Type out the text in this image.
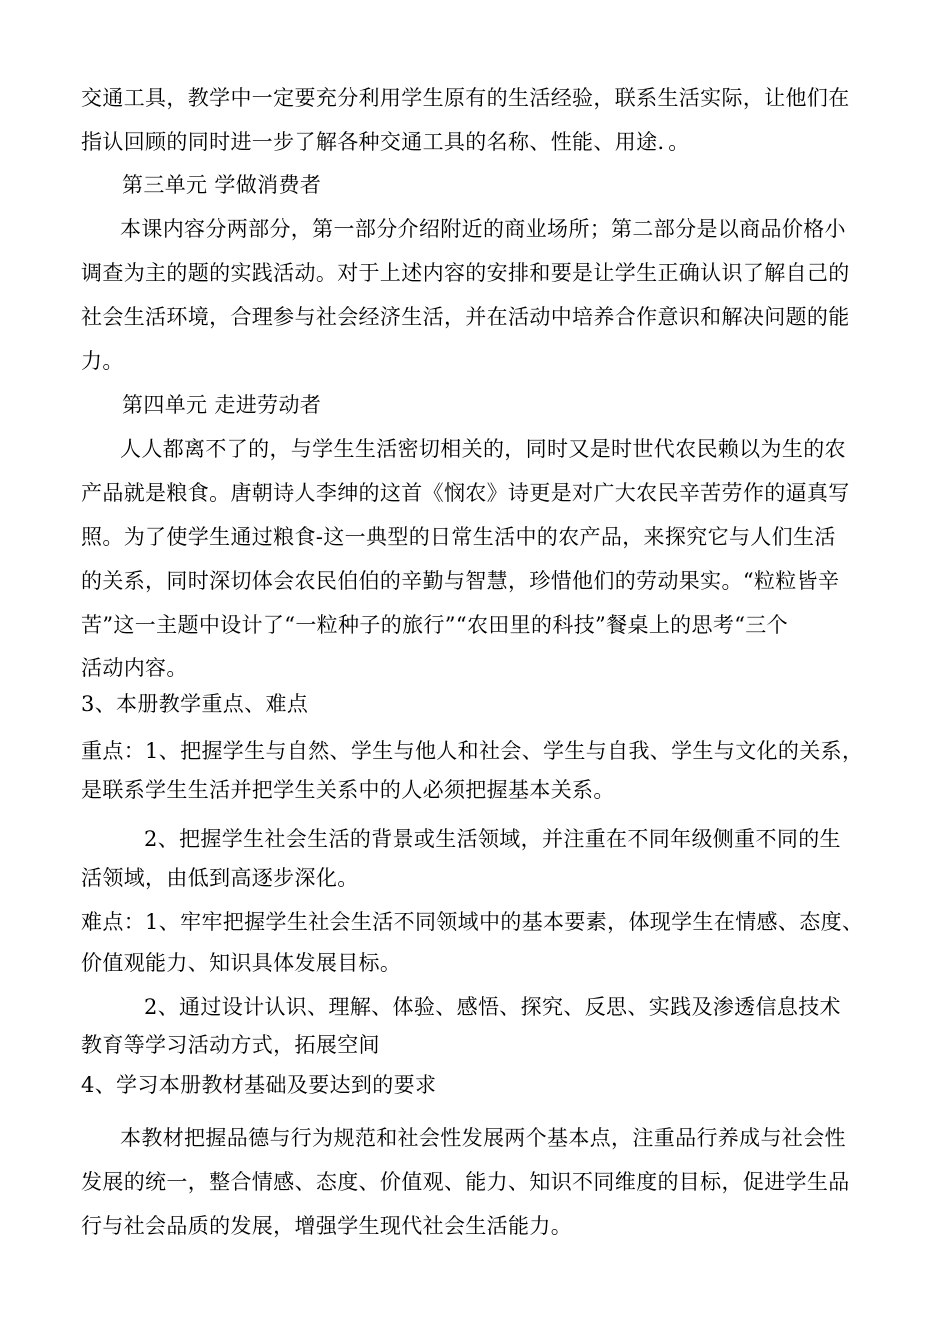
交通工具，教学中一定要充分利用学生原有的生活经验，联系生活实际，让他们在
指认回顾的同时进一步了解各种交通工具的名称、性能、用途．。
第三单元 学做消费者
本课内容分两部分，第一部分介绍附近的商业场所；第二部分是以商品价格小
调查为主的题的实践活动。对于上述内容的安排和要是让学生正确认识了解自己的
社会生活环境，合理参与社会经济生活，并在活动中培养合作意识和解决问题的能
力。
第四单元 走进劳动者
人人都离不了的，与学生生活密切相关的，同时又是时世代农民赖以为生的农
产品就是粮食。唐朝诗人李绅的这首《悯农》诗更是对广大农民辛苦劳作的逼真写
照。为了使学生通过粮食-这一典型的日常生活中的农产品，来探究它与人们生活
的关系，同时深切体会农民伯伯的辛勤与智慧，珍惜他们的劳动果实。“粒粒皆辛
苦”这一主题中设计了“一粒种子的旅行”“农田里的科技”餐桌上的思考“三个
活动内容。
3、本册教学重点、难点
重点：1、把握学生与自然、学生与他人和社会、学生与自我、学生与文化的关系，
是联系学生生活并把学生关系中的人必须把握基本关系。
2、把握学生社会生活的背景或生活领域，并注重在不同年级侧重不同的生
活领域，由低到高逐步深化。
难点：1、牢牢把握学生社会生活不同领域中的基本要素，体现学生在情感、态度、
价值观能力、知识具体发展目标。
2、通过设计认识、理解、体验、感悟、探究、反思、实践及渗透信息技术
教育等学习活动方式，拓展空间
4、学习本册教材基础及要达到的要求
本教材把握品德与行为规范和社会性发展两个基本点，注重品行养成与社会性
发展的统一，整合情感、态度、价值观、能力、知识不同维度的目标，促进学生品
行与社会品质的发展，增强学生现代社会生活能力。
